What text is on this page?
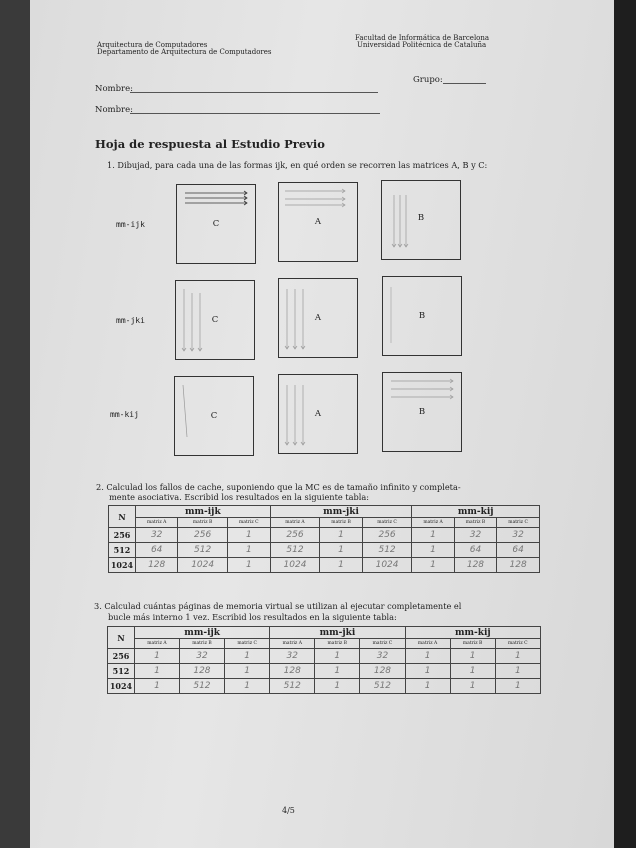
Arquitectura de Computadores
Departamento de Arquitectura de Computadores
Facultad de Informática de Barcelona
Universidad Politécnica de Cataluña
Nombre:
Grupo:
Nombre:
Hoja de respuesta al Estudio Previo
1. Dibujad, para cada una de las formas ijk, en qué orden se recorren las matrices A, B y C:
mm-ijk
mm-jki
mm-kij
C	A	B
C	A	B
C	A	B
2. Calculad los fallos de cache, suponiendo que la MC es de tamaño infinito y completa-
mente asociativa. Escribid los resultados en la siguiente tabla:
N	mm-ijk			mm-jki			mm-kij		
	matriz A	matriz B	matriz C	matriz A	matriz B	matriz C	matriz A	matriz B	matriz C
256	32	256	1	256	1	256	1	32	32
512	64	512	1	512	1	512	1	64	64
1024	128	1024	1	1024	1	1024	1	128	128
3. Calculad cuántas páginas de memoria virtual se utilizan al ejecutar completamente el
bucle más interno 1 vez. Escribid los resultados en la siguiente tabla:
N	mm-ijk			mm-jki			mm-kij		
	matriz A	matriz B	matriz C	matriz A	matriz B	matriz C	matriz A	matriz B	matriz C
256	1	32	1	32	1	32	1	1	1
512	1	128	1	128	1	128	1	1	1
1024	1	512	1	512	1	512	1	1	1
4/5
